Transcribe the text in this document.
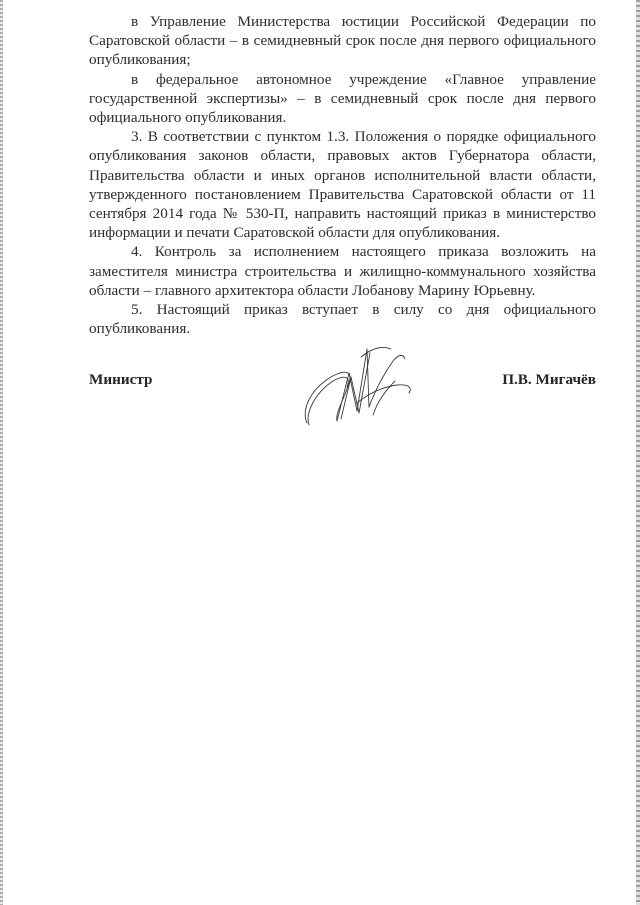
в Управление Министерства юстиции Российской Федерации по Саратовской области – в семидневный срок после дня первого официального опубликования;

в федеральное автономное учреждение «Главное управление государственной экспертизы» – в семидневный срок после дня первого официального опубликования.

3. В соответствии с пунктом 1.3. Положения о порядке официального опубликования законов области, правовых актов Губернатора области, Правительства области и иных органов исполнительной власти области, утвержденного постановлением Правительства Саратовской области от 11 сентября 2014 года № 530-П, направить настоящий приказ в министерство информации и печати Саратовской области для опубликования.

4. Контроль за исполнением настоящего приказа возложить на заместителя министра строительства и жилищно-коммунального хозяйства области – главного архитектора области Лобанову Марину Юрьевну.

5. Настоящий приказ вступает в силу со дня официального опубликования.

Министр	П.В. Мигачёв
